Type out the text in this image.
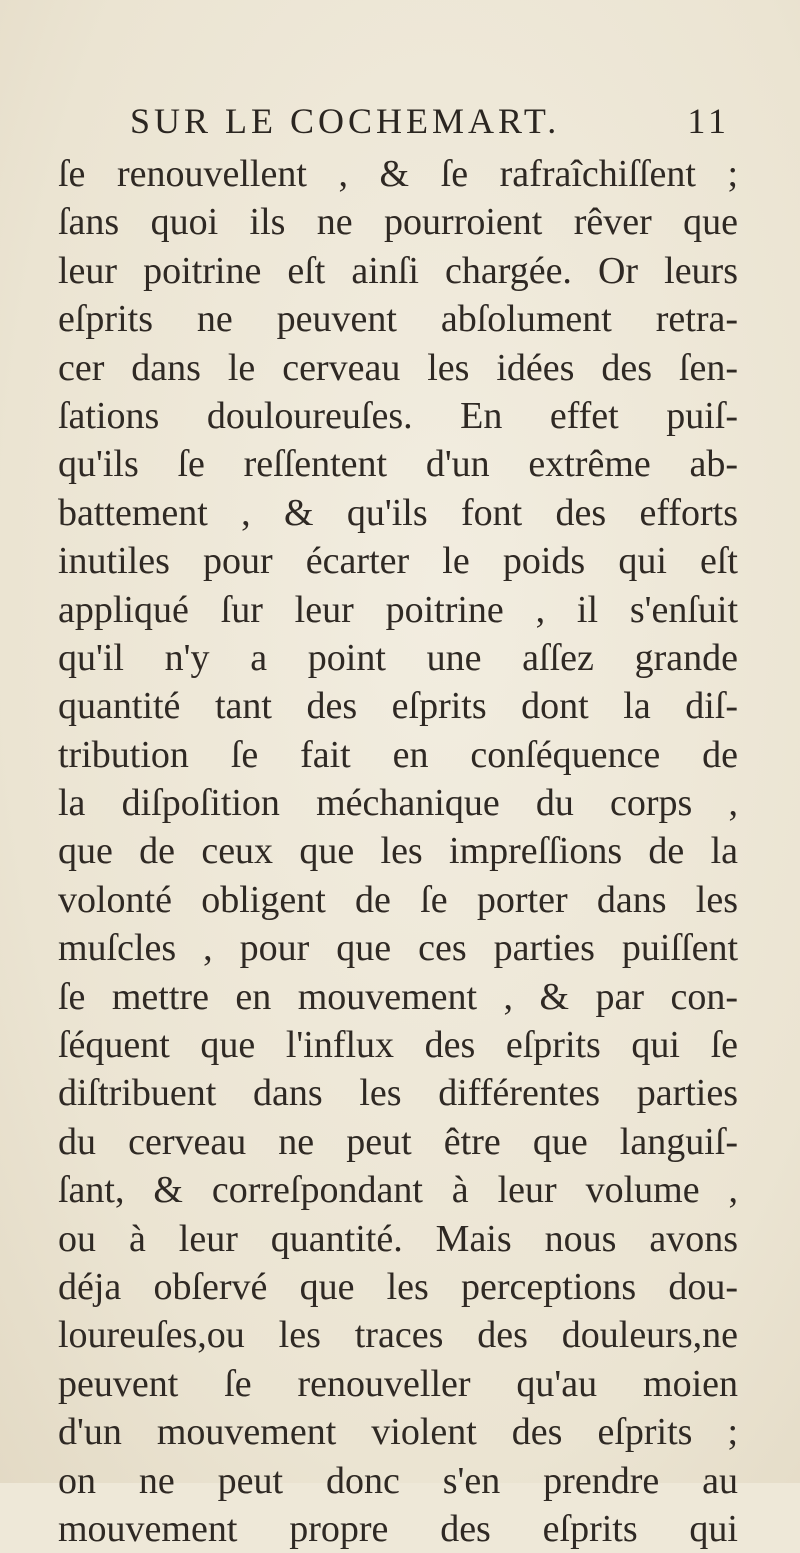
SUR LE COCHEMART.	11
ſe renouvellent , & ſe rafraîchiſſent ;
ſans quoi ils ne pourroient rêver que
leur poitrine eſt ainſi chargée. Or leurs
eſprits ne peuvent abſolument retra-
cer dans le cerveau les idées des ſen-
ſations douloureuſes. En effet puiſ-
qu'ils ſe reſſentent d'un extrême ab-
battement , & qu'ils font des efforts
inutiles pour écarter le poids qui eſt
appliqué ſur leur poitrine , il s'enſuit
qu'il n'y a point une aſſez grande
quantité tant des eſprits dont la diſ-
tribution ſe fait en conſéquence de
la diſpoſition méchanique du corps ,
que de ceux que les impreſſions de la
volonté obligent de ſe porter dans les
muſcles , pour que ces parties puiſſent
ſe mettre en mouvement , & par con-
ſéquent que l'influx des eſprits qui ſe
diſtribuent dans les différentes parties
du cerveau ne peut être que languiſ-
ſant, & correſpondant à leur volume ,
ou à leur quantité. Mais nous avons
déja obſervé que les perceptions dou-
loureuſes,ou les traces des douleurs,ne
peuvent ſe renouveller qu'au moien
d'un mouvement violent des eſprits ;
on ne peut donc s'en prendre au
mouvement propre des eſprits qui
